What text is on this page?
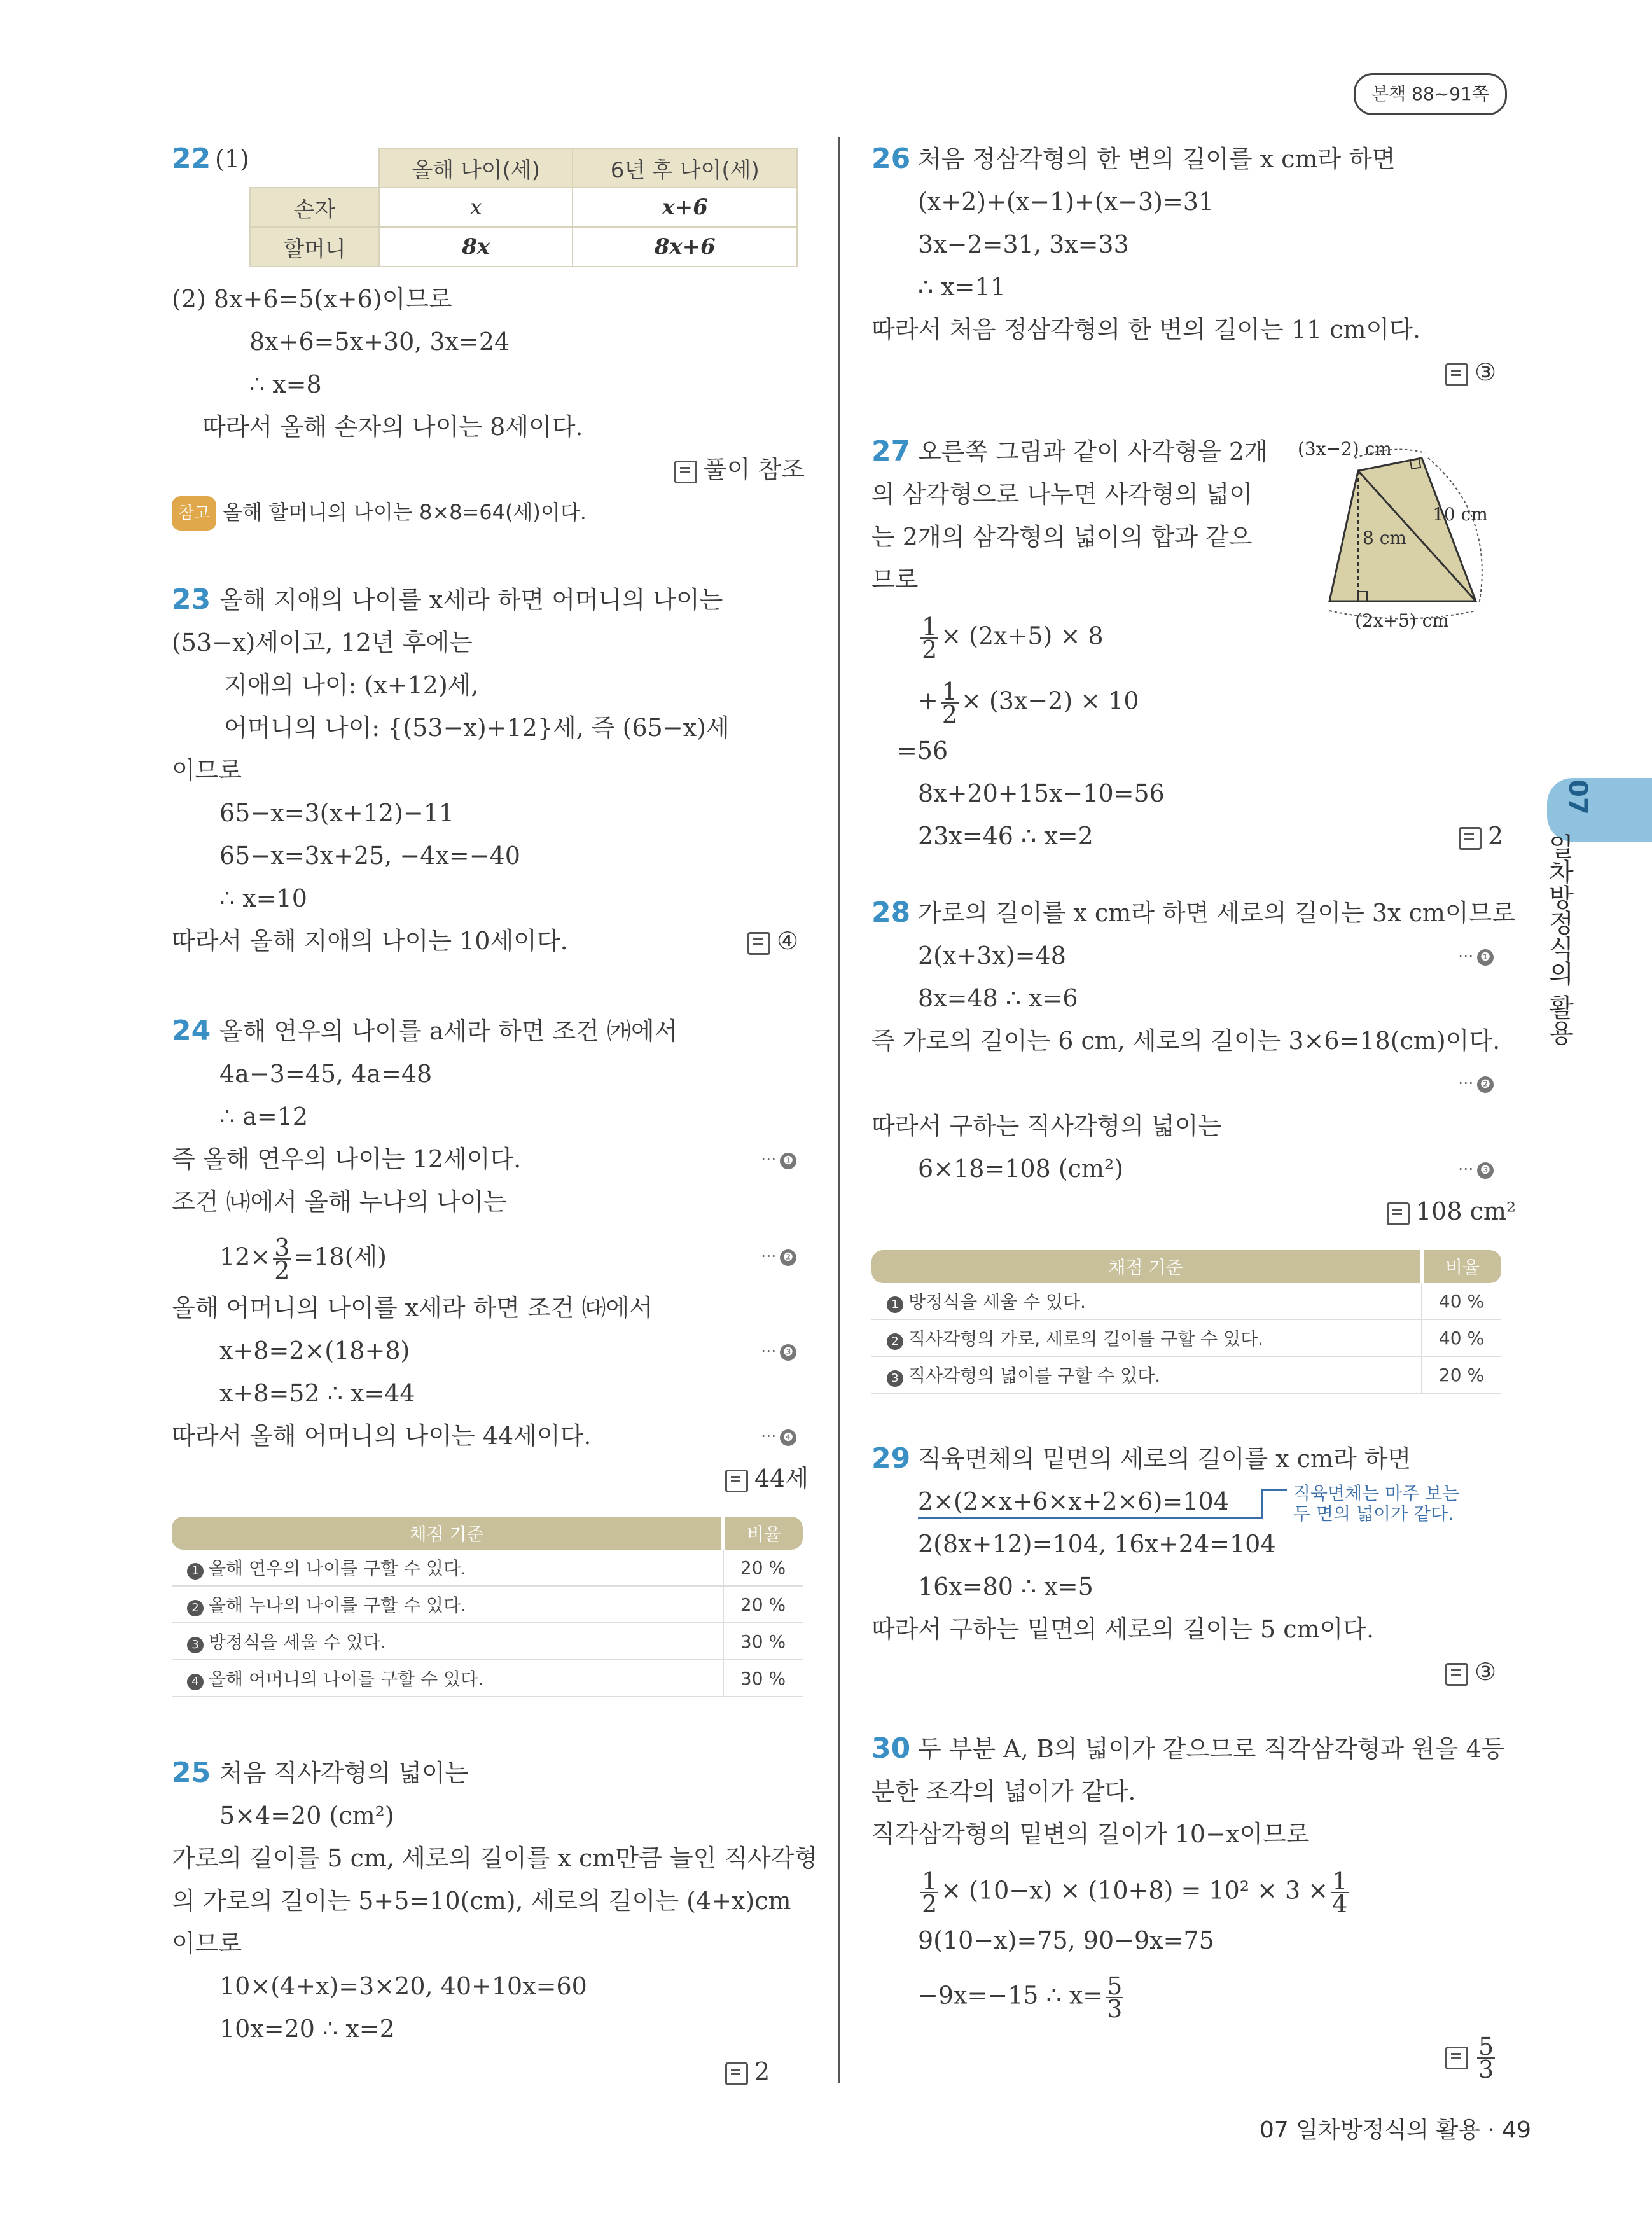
본책 88~91쪽
07
일차방정식의 활용
22 (1)
		올해 나이(세)	6년 후 나이(세)
손자	x	x+6
할머니	8x	8x+6
(2) 8x+6=5(x+6)이므로
8x+6=5x+30, 3x=24
∴ x=8
따라서 올해 손자의 나이는 8세이다.
풀이 참조
참고 올해 할머니의 나이는 8×8=64(세)이다.
23 올해 지애의 나이를 x세라 하면 어머니의 나이는
(53−x)세이고, 12년 후에는
지애의 나이: (x+12)세,
어머니의 나이: {(53−x)+12}세, 즉 (65−x)세
이므로
65−x=3(x+12)−11
65−x=3x+25, −4x=−40
∴ x=10
따라서 올해 지애의 나이는 10세이다.	④
24 올해 연우의 나이를 a세라 하면 조건 ㈎에서
4a−3=45, 4a=48
∴ a=12
즉 올해 연우의 나이는 12세이다.	⋯ ❶
조건 ㈏에서 올해 누나의 나이는
$12\times \frac{3}{2} =18$(세)	⋯ ❷
올해 어머니의 나이를 x세라 하면 조건 ㈐에서
x+8=2×(18+8)	⋯ ❸
x+8=52 ∴ x=44
따라서 올해 어머니의 나이는 44세이다.	⋯ ❹
44세
채점 기준	비율
1 올해 연우의 나이를 구할 수 있다.	20 %
2 올해 누나의 나이를 구할 수 있다.	20 %
3 방정식을 세울 수 있다.	30 %
4 올해 어머니의 나이를 구할 수 있다.	30 %
25 처음 직사각형의 넓이는
5×4=20 (cm²)
가로의 길이를 5 cm, 세로의 길이를 x cm만큼 늘인 직사각형
의 가로의 길이는 5+5=10(cm), 세로의 길이는 (4+x)cm
이므로
10×(4+x)=3×20, 40+10x=60
10x=20 ∴ x=2
2
26 처음 정삼각형의 한 변의 길이를 x cm라 하면
(x+2)+(x−1)+(x−3)=31
3x−2=31, 3x=33
∴ x=11
따라서 처음 정삼각형의 한 변의 길이는 11 cm이다.
③
27 오른쪽 그림과 같이 사각형을 2개
의 삼각형으로 나누면 사각형의 넓이
는 2개의 삼각형의 넓이의 합과 같으
므로
$\frac{1}{2} \times (2x+5) \times 8$
+ $\frac{1}{2} \times (3x-2) \times 10$
=56
8x+20+15x−10=56
23x=46 ∴ x=2	2
(3x−2) cm
10 cm
8 cm
(2x+5) cm
28 가로의 길이를 x cm라 하면 세로의 길이는 3x cm이므로
2(x+3x)=48	⋯ ❶
8x=48 ∴ x=6
즉 가로의 길이는 6 cm, 세로의 길이는 3×6=18(cm)이다.
⋯ ❷
따라서 구하는 직사각형의 넓이는
6×18=108 (cm²)	⋯ ❸
108 cm²
채점 기준	비율
1 방정식을 세울 수 있다.	40 %
2 직사각형의 가로, 세로의 길이를 구할 수 있다.	40 %
3 직사각형의 넓이를 구할 수 있다.	20 %
29 직육면체의 밑면의 세로의 길이를 x cm라 하면
2×(2×x+6×x+2×6)=104	직육면체는 마주 보는
두 면의 넓이가 같다.
2(8x+12)=104, 16x+24=104
16x=80 ∴ x=5
따라서 구하는 밑면의 세로의 길이는 5 cm이다.
③
30 두 부분 A, B의 넓이가 같으므로 직각삼각형과 원을 4등
분한 조각의 넓이가 같다.
직각삼각형의 밑변의 길이가 10−x이므로
$\frac{1}{2} \times (10-x) \times (10+8) = 10^2 \times 3 \times \frac{1}{4}$
9(10−x)=75, 90−9x=75
−9x=−15 ∴ $x= \frac{5}{3}$
$\frac{5}{3}$
07 일차방정식의 활용 · 49
